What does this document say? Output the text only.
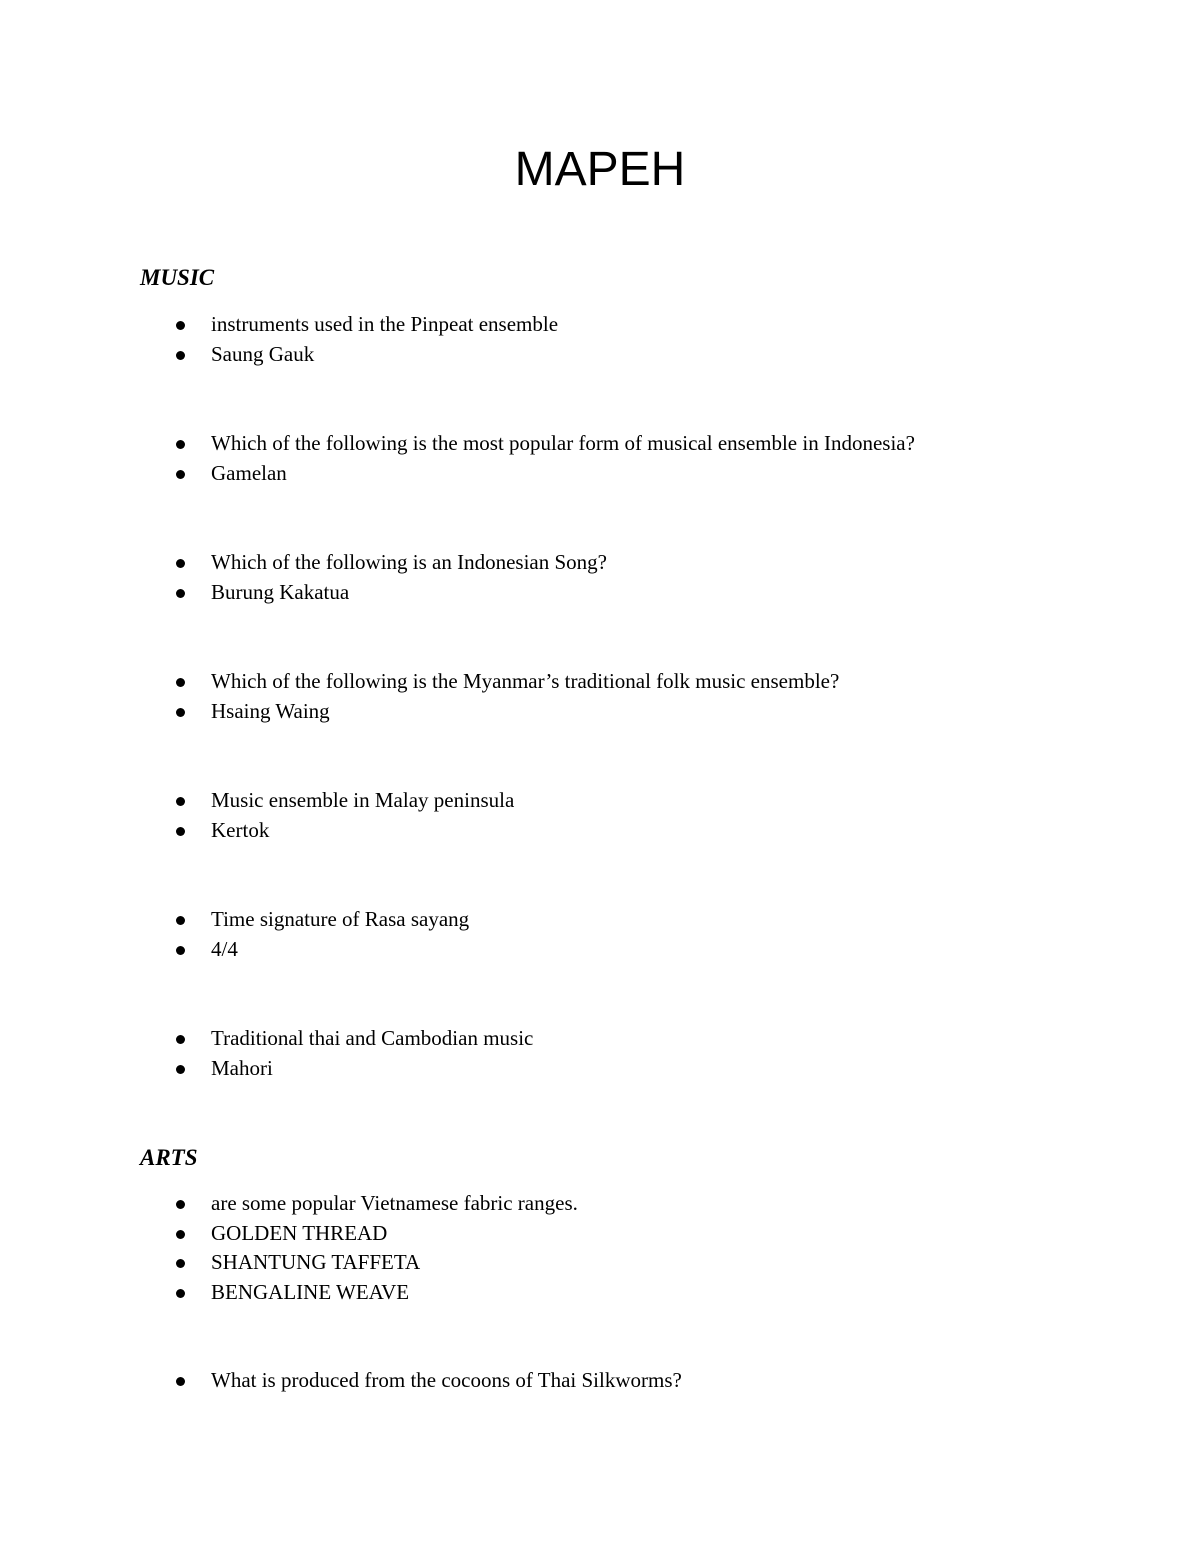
MAPEH
MUSIC
instruments used in the Pinpeat ensemble
Saung Gauk
Which of the following is the most popular form of musical ensemble in Indonesia?
Gamelan
Which of the following is an Indonesian Song?
Burung Kakatua
Which of the following is the Myanmar’s traditional folk music ensemble?
Hsaing Waing
Music ensemble in Malay peninsula
Kertok
Time signature of Rasa sayang
4/4
Traditional thai and Cambodian music
Mahori
ARTS
are some popular Vietnamese fabric ranges.
GOLDEN THREAD
SHANTUNG TAFFETA
BENGALINE WEAVE
What is produced from the cocoons of Thai Silkworms?
